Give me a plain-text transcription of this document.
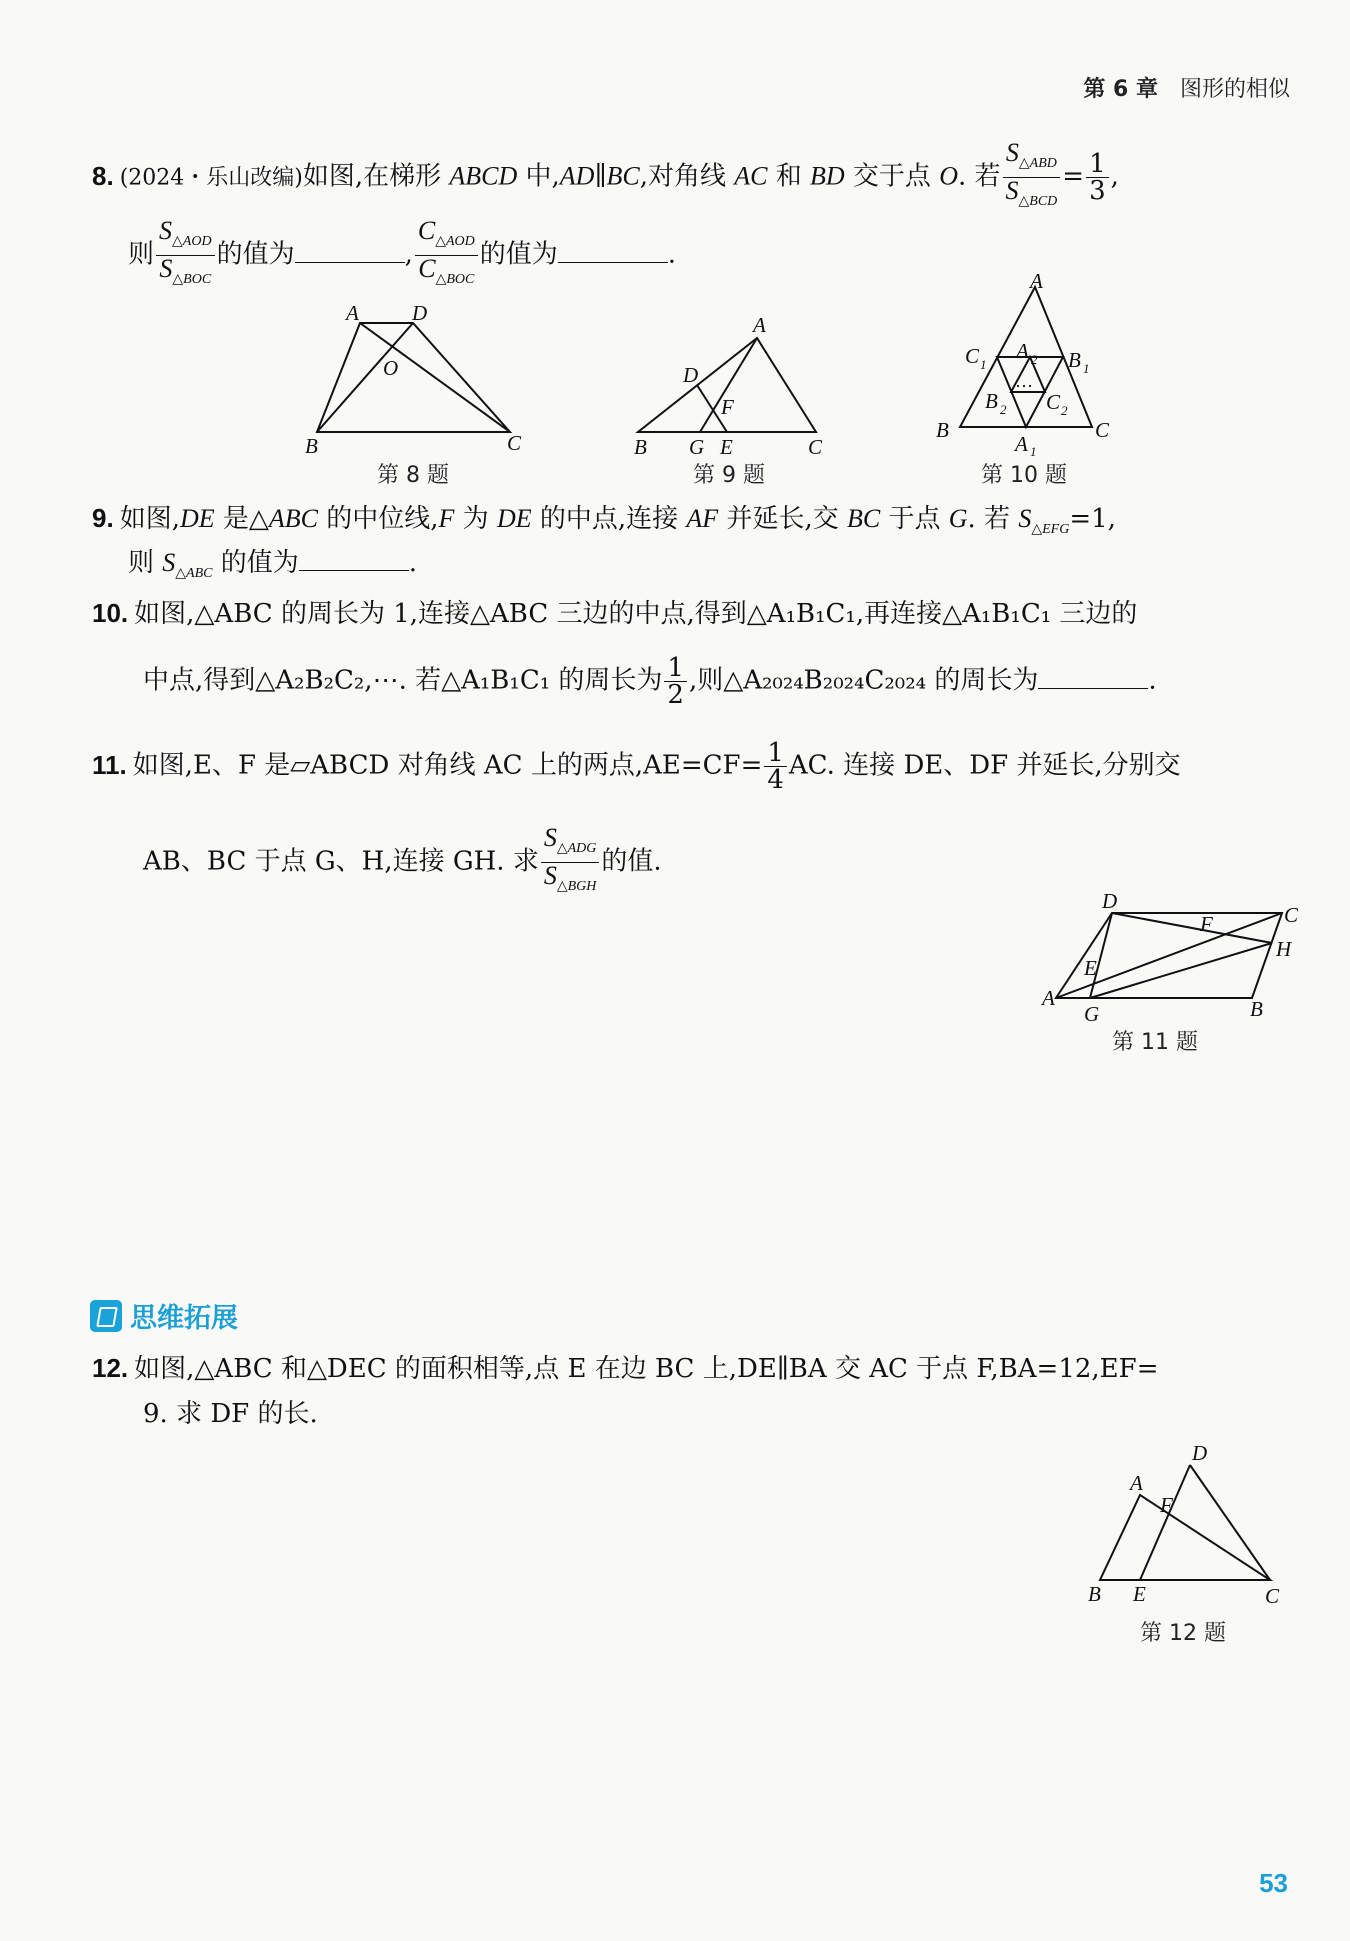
第 6 章 图形的相似
8. (2024・乐山改编)如图,在梯形 ABCD 中,AD∥BC,对角线 AC 和 BD 交于点 O. 若 $\frac{S_{\triangle ABD}}{S_{\triangle BCD}} = \frac{1}{3}$ ,
则 $\frac{S_{\triangle AOD}}{S_{\triangle BOC}}$ 的值为	, $\frac{C_{\triangle AOD}}{C_{\triangle BOC}}$ 的值为	.
A	D
O
B	C
A
D
F
B G E	C
A
C 1	B 1
A 2
B 2 C 2
⋯
B
A 1
C
第 8 题	第 9 题	第 10 题
9. 如图,DE 是△ABC 的中位线,F 为 DE 的中点,连接 AF 并延长,交 BC 于点 G. 若 $S_{\triangle EFG}=1$,
则 $S_{\triangle ABC}$ 的值为	.
10. 如图,△ABC 的周长为 1,连接△ABC 三边的中点,得到△A₁B₁C₁,再连接△A₁B₁C₁ 三边的
中点,得到△A₂B₂C₂,⋯. 若△A₁B₁C₁ 的周长为 $\frac{1}{2}$ ,则△A₂₀₂₄B₂₀₂₄C₂₀₂₄ 的周长为	.
11. 如图,E、F 是▱ABCD 对角线 AC 上的两点$,AE=CF= \frac{1}{4}$ AC. 连接 DE、DF 并延长,分别交
AB、BC 于点 G、H,连接 GH. 求 $\frac{S_{\triangle ADG}}{S_{\triangle BGH}}$ 的值.
D
C
F
H
E
A
G	B
第 11 题
思维拓展
12. 如图,△ABC 和△DEC 的面积相等,点 E 在边 BC 上,DE∥BA 交 AC 于点 F,BA=12,EF=
9. 求 DF 的长.
D
A
F
B E	C
第 12 题
53
